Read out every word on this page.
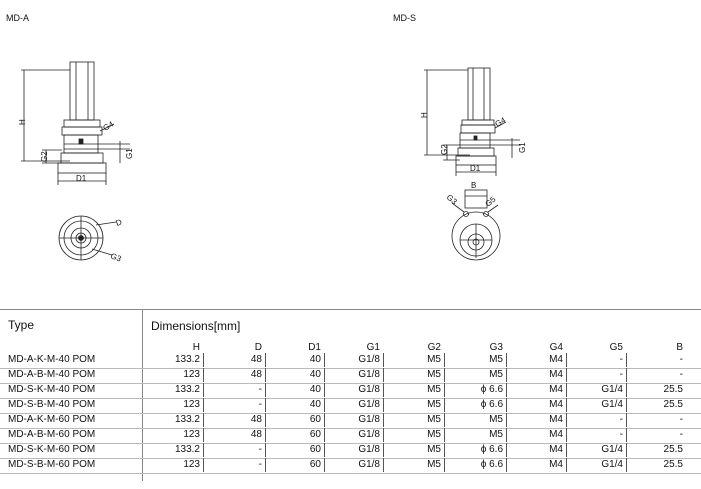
MD-A	MD-S
H	G4
G2	G1
D1
D
G3
H
G4
G2	G1
D1
B
G3	G5
Type	Dimensions[mm]
H	D	D1	G1	G2	G3	G4	G5	B
MD-A-K-M-40 POM	133.2	48	40	G1/8	M5	M5	M4	-	-
MD-A-B-M-40 POM	123	48	40	G1/8	M5	M5	M4	-	-
MD-S-K-M-40 POM	133.2	-	40	G1/8	M5	ϕ 6.6	M4	G1/4	25.5
MD-S-B-M-40 POM	123	-	40	G1/8	M5	ϕ 6.6	M4	G1/4	25.5
MD-A-K-M-60 POM	133.2	48	60	G1/8	M5	M5	M4	-	-
MD-A-B-M-60 POM	123	48	60	G1/8	M5	M5	M4	-	-
MD-S-K-M-60 POM	133.2	-	60	G1/8	M5	ϕ 6.6	M4	G1/4	25.5
MD-S-B-M-60 POM	123	-	60	G1/8	M5	ϕ 6.6	M4	G1/4	25.5
